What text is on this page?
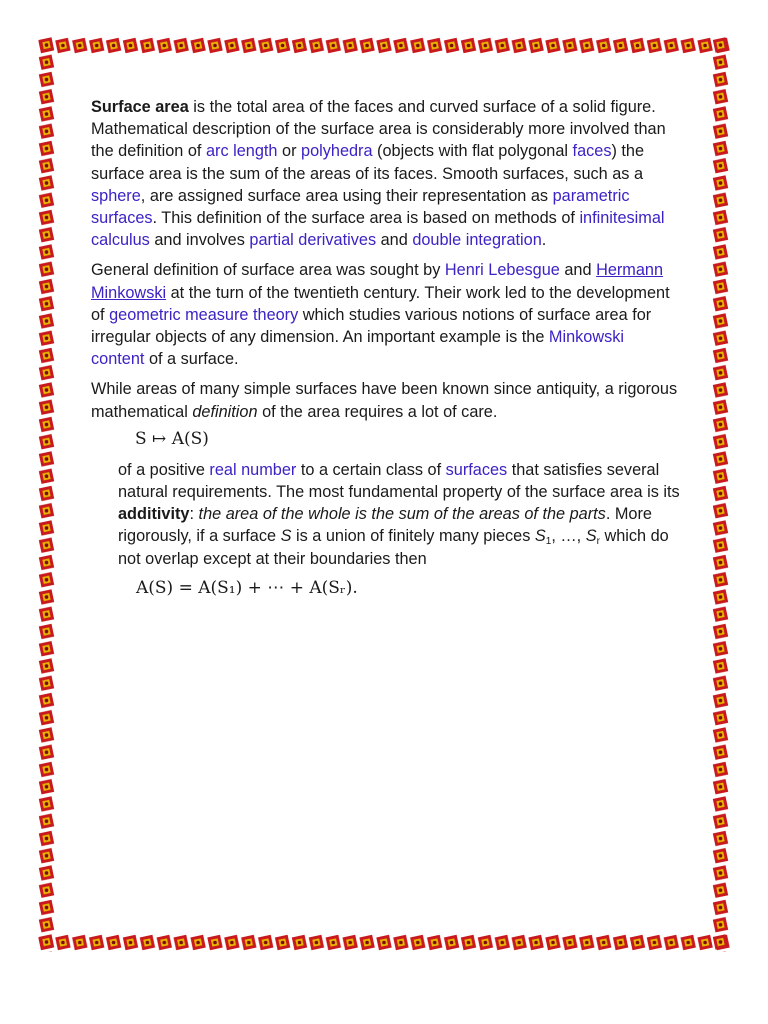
Surface area is the total area of the faces and curved surface of a solid figure. Mathematical description of the surface area is considerably more involved than the definition of arc length or polyhedra (objects with flat polygonal faces) the surface area is the sum of the areas of its faces. Smooth surfaces, such as a sphere, are assigned surface area using their representation as parametric surfaces. This definition of the surface area is based on methods of infinitesimal calculus and involves partial derivatives and double integration.

General definition of surface area was sought by Henri Lebesgue and Hermann Minkowski at the turn of the twentieth century. Their work led to the development of geometric measure theory which studies various notions of surface area for irregular objects of any dimension. An important example is the Minkowski content of a surface.

While areas of many simple surfaces have been known since antiquity, a rigorous mathematical definition of the area requires a lot of care.

S ↦ A(S)

of a positive real number to a certain class of surfaces that satisfies several natural requirements. The most fundamental property of the surface area is its additivity: the area of the whole is the sum of the areas of the parts. More rigorously, if a surface S is a union of finitely many pieces $S_1$, …, $S_r$ which do not overlap except at their boundaries then

A(S) = A(S₁) + ⋯ + A(Sᵣ).
